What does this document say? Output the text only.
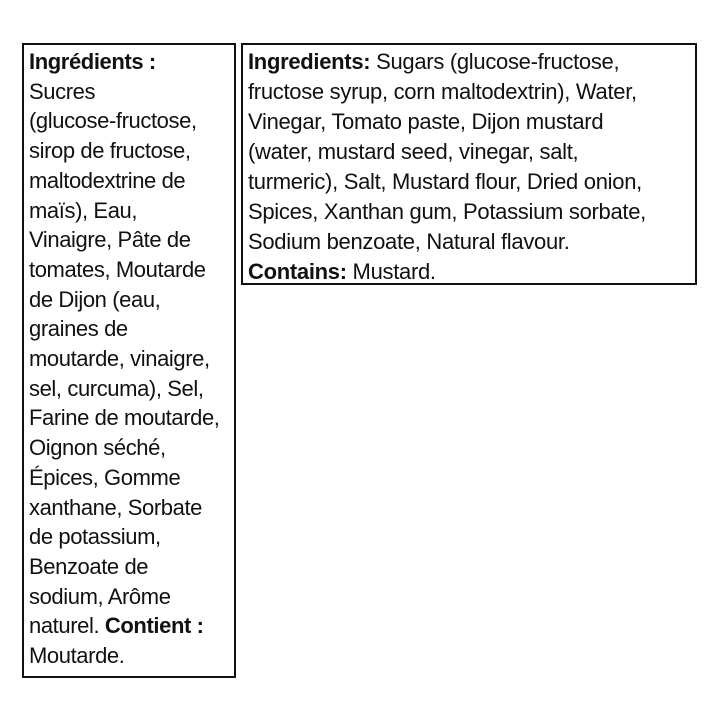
Ingrédients :
Sucres
(glucose-fructose,
sirop de fructose,
maltodextrine de
maïs), Eau,
Vinaigre, Pâte de
tomates, Moutarde
de Dijon (eau,
graines de
moutarde, vinaigre,
sel, curcuma), Sel,
Farine de moutarde,
Oignon séché,
Épices, Gomme
xanthane, Sorbate
de potassium,
Benzoate de
sodium, Arôme
naturel. Contient :
Moutarde.
Ingredients: Sugars (glucose-fructose,
fructose syrup, corn maltodextrin), Water,
Vinegar, Tomato paste, Dijon mustard
(water, mustard seed, vinegar, salt,
turmeric), Salt, Mustard flour, Dried onion,
Spices, Xanthan gum, Potassium sorbate,
Sodium benzoate, Natural flavour.
Contains: Mustard.
